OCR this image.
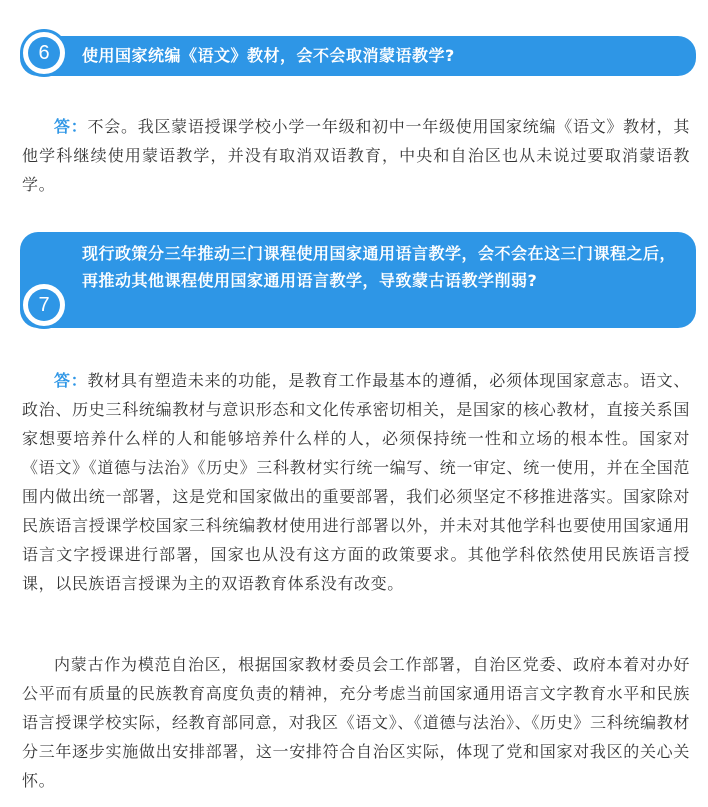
使用国家统编《语文》教材，会不会取消蒙语教学?
6

答：不会。我区蒙语授课学校小学一年级和初中一年级使用国家统编《语文》教材，其他学科继续使用蒙语教学，并没有取消双语教育，中央和自治区也从未说过要取消蒙语教学。

现行政策分三年推动三门课程使用国家通用语言教学，会不会在这三门课程之后，再推动其他课程使用国家通用语言教学，导致蒙古语教学削弱?
7

答：教材具有塑造未来的功能，是教育工作最基本的遵循，必须体现国家意志。语文、政治、历史三科统编教材与意识形态和文化传承密切相关，是国家的核心教材，直接关系国家想要培养什么样的人和能够培养什么样的人，必须保持统一性和立场的根本性。国家对《语文》《道德与法治》《历史》三科教材实行统一编写、统一审定、统一使用，并在全国范围内做出统一部署，这是党和国家做出的重要部署，我们必须坚定不移推进落实。国家除对民族语言授课学校国家三科统编教材使用进行部署以外，并未对其他学科也要使用国家通用语言文字授课进行部署，国家也从没有这方面的政策要求。其他学科依然使用民族语言授课，以民族语言授课为主的双语教育体系没有改变。

内蒙古作为模范自治区，根据国家教材委员会工作部署，自治区党委、政府本着对办好公平而有质量的民族教育高度负责的精神，充分考虑当前国家通用语言文字教育水平和民族语言授课学校实际，经教育部同意，对我区《语文》、《道德与法治》、《历史》三科统编教材分三年逐步实施做出安排部署，这一安排符合自治区实际，体现了党和国家对我区的关心关怀。
